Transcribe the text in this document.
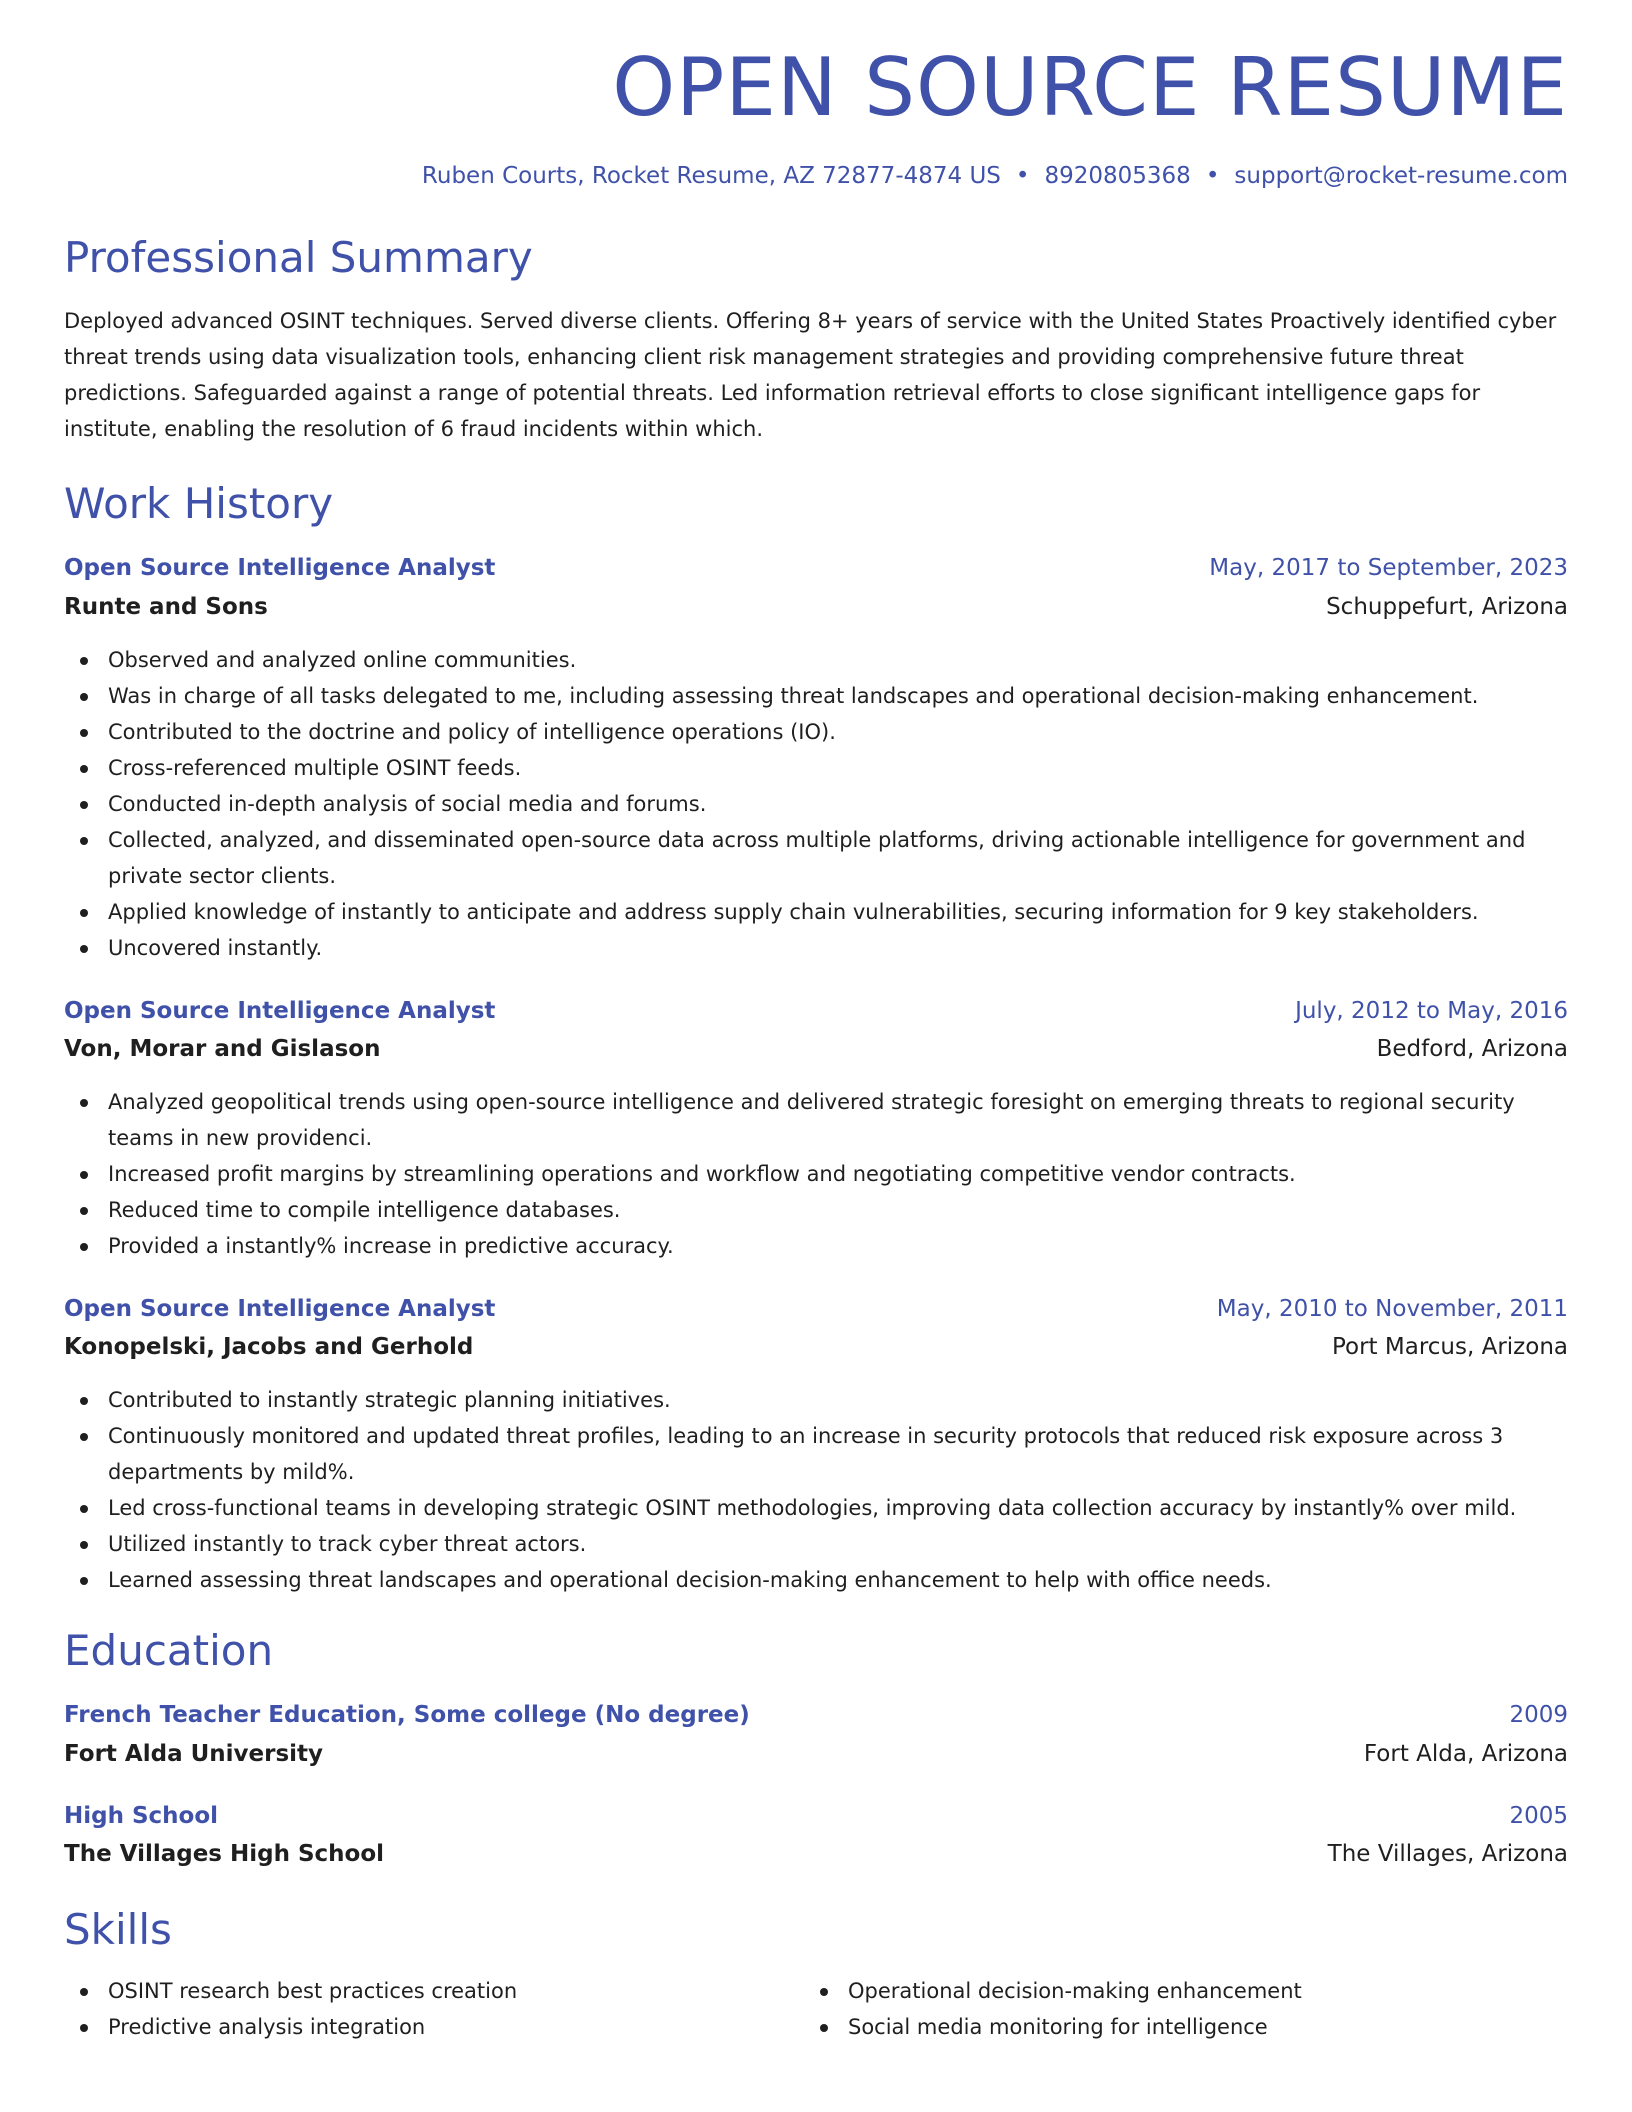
OPEN SOURCE RESUME
Ruben Courts, Rocket Resume, AZ 72877-4874 US • 8920805368 • support@rocket-resume.com
Professional Summary

Deployed advanced OSINT techniques. Served diverse clients. Offering 8+ years of service with the United States Proactively identified cyber threat trends using data visualization tools, enhancing client risk management strategies and providing comprehensive future threat predictions. Safeguarded against a range of potential threats. Led information retrieval efforts to close significant intelligence gaps for institute, enabling the resolution of 6 fraud incidents within which.

Work History
Open Source Intelligence Analyst	May, 2017 to September, 2023
Runte and Sons	Schuppefurt, Arizona
Observed and analyzed online communities.
Was in charge of all tasks delegated to me, including assessing threat landscapes and operational decision-making enhancement.
Contributed to the doctrine and policy of intelligence operations (IO).
Cross-referenced multiple OSINT feeds.
Conducted in-depth analysis of social media and forums.
Collected, analyzed, and disseminated open-source data across multiple platforms, driving actionable intelligence for government and private sector clients.
Applied knowledge of instantly to anticipate and address supply chain vulnerabilities, securing information for 9 key stakeholders.
Uncovered instantly.
Open Source Intelligence Analyst	July, 2012 to May, 2016
Von, Morar and Gislason	Bedford, Arizona
Analyzed geopolitical trends using open-source intelligence and delivered strategic foresight on emerging threats to regional security teams in new providenci.
Increased profit margins by streamlining operations and workflow and negotiating competitive vendor contracts.
Reduced time to compile intelligence databases.
Provided a instantly% increase in predictive accuracy.
Open Source Intelligence Analyst	May, 2010 to November, 2011
Konopelski, Jacobs and Gerhold	Port Marcus, Arizona
Contributed to instantly strategic planning initiatives.
Continuously monitored and updated threat profiles, leading to an increase in security protocols that reduced risk exposure across 3 departments by mild%.
Led cross-functional teams in developing strategic OSINT methodologies, improving data collection accuracy by instantly% over mild.
Utilized instantly to track cyber threat actors.
Learned assessing threat landscapes and operational decision-making enhancement to help with office needs.
Education
French Teacher Education, Some college (No degree)	2009
Fort Alda University	Fort Alda, Arizona
High School	2005
The Villages High School	The Villages, Arizona
Skills
OSINT research best practices creation
Predictive analysis integration
Operational decision-making enhancement
Social media monitoring for intelligence
